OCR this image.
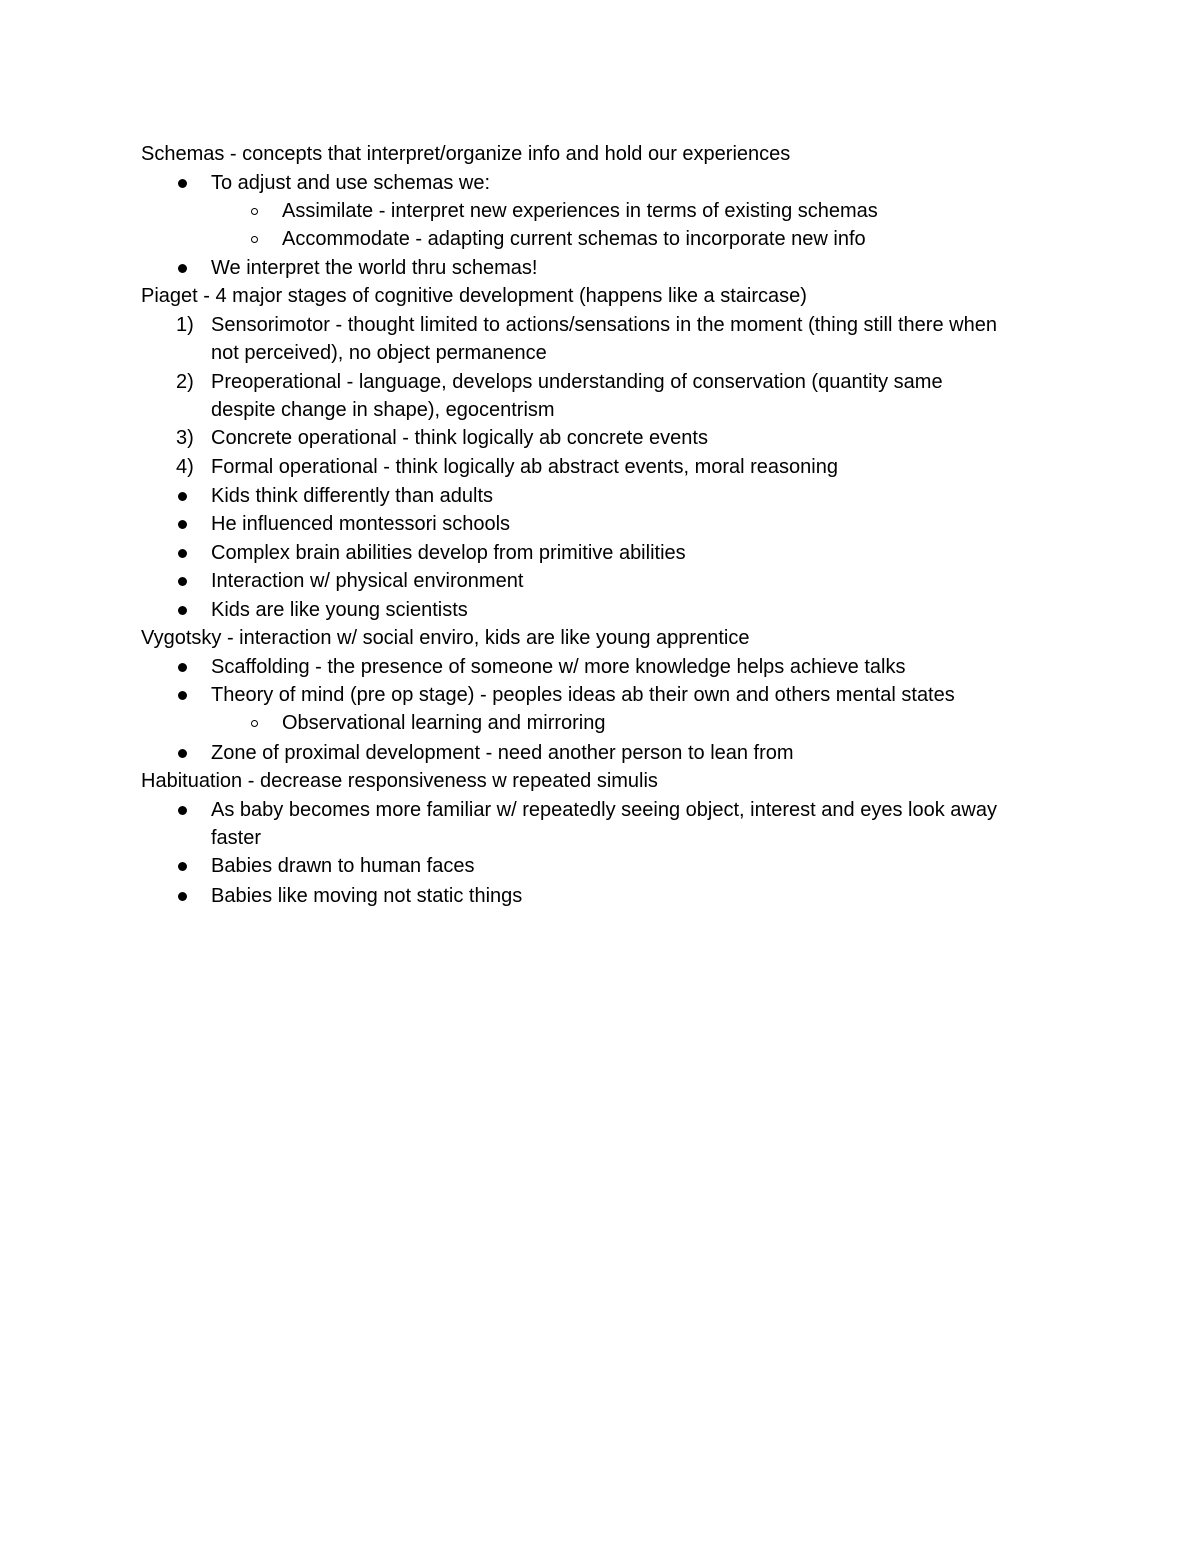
Schemas - concepts that interpret/organize info and hold our experiences
To adjust and use schemas we:
Assimilate - interpret new experiences in terms of existing schemas
Accommodate - adapting current schemas to incorporate new info
We interpret the world thru schemas!
Piaget - 4 major stages of cognitive development (happens like a staircase)
1) Sensorimotor - thought limited to actions/sensations in the moment (thing still there when
not perceived), no object permanence
2) Preoperational - language, develops understanding of conservation (quantity same
despite change in shape), egocentrism
3) Concrete operational - think logically ab concrete events
4) Formal operational - think logically ab abstract events, moral reasoning
Kids think differently than adults
He influenced montessori schools
Complex brain abilities develop from primitive abilities
Interaction w/ physical environment
Kids are like young scientists
Vygotsky - interaction w/ social enviro, kids are like young apprentice
Scaffolding - the presence of someone w/ more knowledge helps achieve talks
Theory of mind (pre op stage) - peoples ideas ab their own and others mental states
Observational learning and mirroring
Zone of proximal development - need another person to lean from
Habituation - decrease responsiveness w repeated simulis
As baby becomes more familiar w/ repeatedly seeing object, interest and eyes look away
faster
Babies drawn to human faces
Babies like moving not static things
